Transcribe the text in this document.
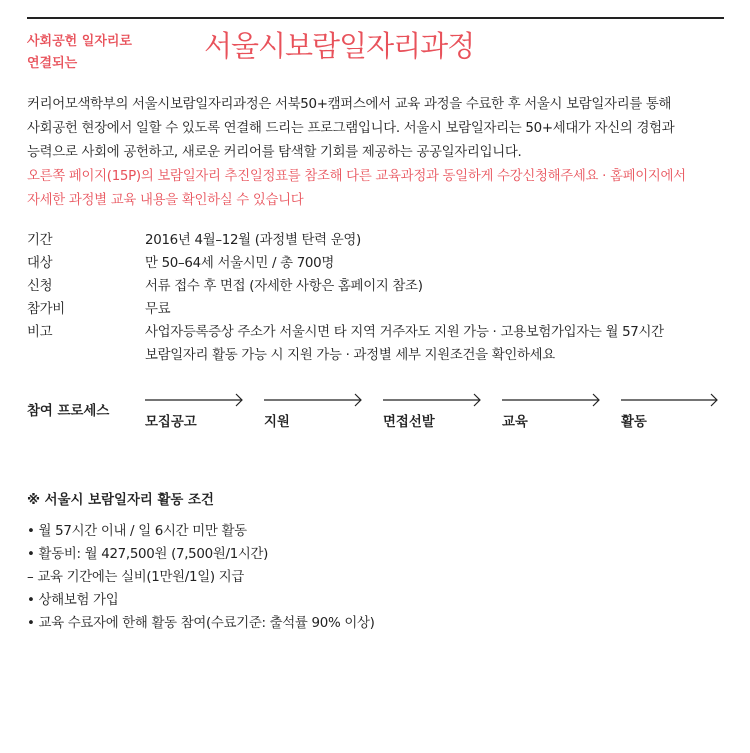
사회공헌 일자리로
연결되는
서울시보람일자리과정

커리어모색학부의 서울시보람일자리과정은 서북50+캠퍼스에서 교육 과정을 수료한 후 서울시 보람일자리를 통해

사회공헌 현장에서 일할 수 있도록 연결해 드리는 프로그램입니다. 서울시 보람일자리는 50+세대가 자신의 경험과

능력으로 사회에 공헌하고, 새로운 커리어를 탐색할 기회를 제공하는 공공일자리입니다.

오른쪽 페이지(15P)의 보람일자리 추진일정표를 참조해 다른 교육과정과 동일하게 수강신청해주세요 · 홈페이지에서

자세한 과정별 교육 내용을 확인하실 수 있습니다

기간	2016년 4월–12월 (과정별 탄력 운영)
대상	만 50–64세 서울시민 / 총 700명
신청	서류 접수 후 면접 (자세한 사항은 홈페이지 참조)
참가비	무료
비고	사업자등록증상 주소가 서울시면 타 지역 거주자도 지원 가능 · 고용보험가입자는 월 57시간
보람일자리 활동 가능 시 지원 가능 · 과정별 세부 지원조건을 확인하세요
참여 프로세스
모집공고	지원	면접선발	교육	활동
※ 서울시 보람일자리 활동 조건
• 월 57시간 이내 / 일 6시간 미만 활동
• 활동비: 월 427,500원 (7,500원/1시간)
– 교육 기간에는 실비(1만원/1일) 지급
• 상해보험 가입
• 교육 수료자에 한해 활동 참여(수료기준: 출석률 90% 이상)
